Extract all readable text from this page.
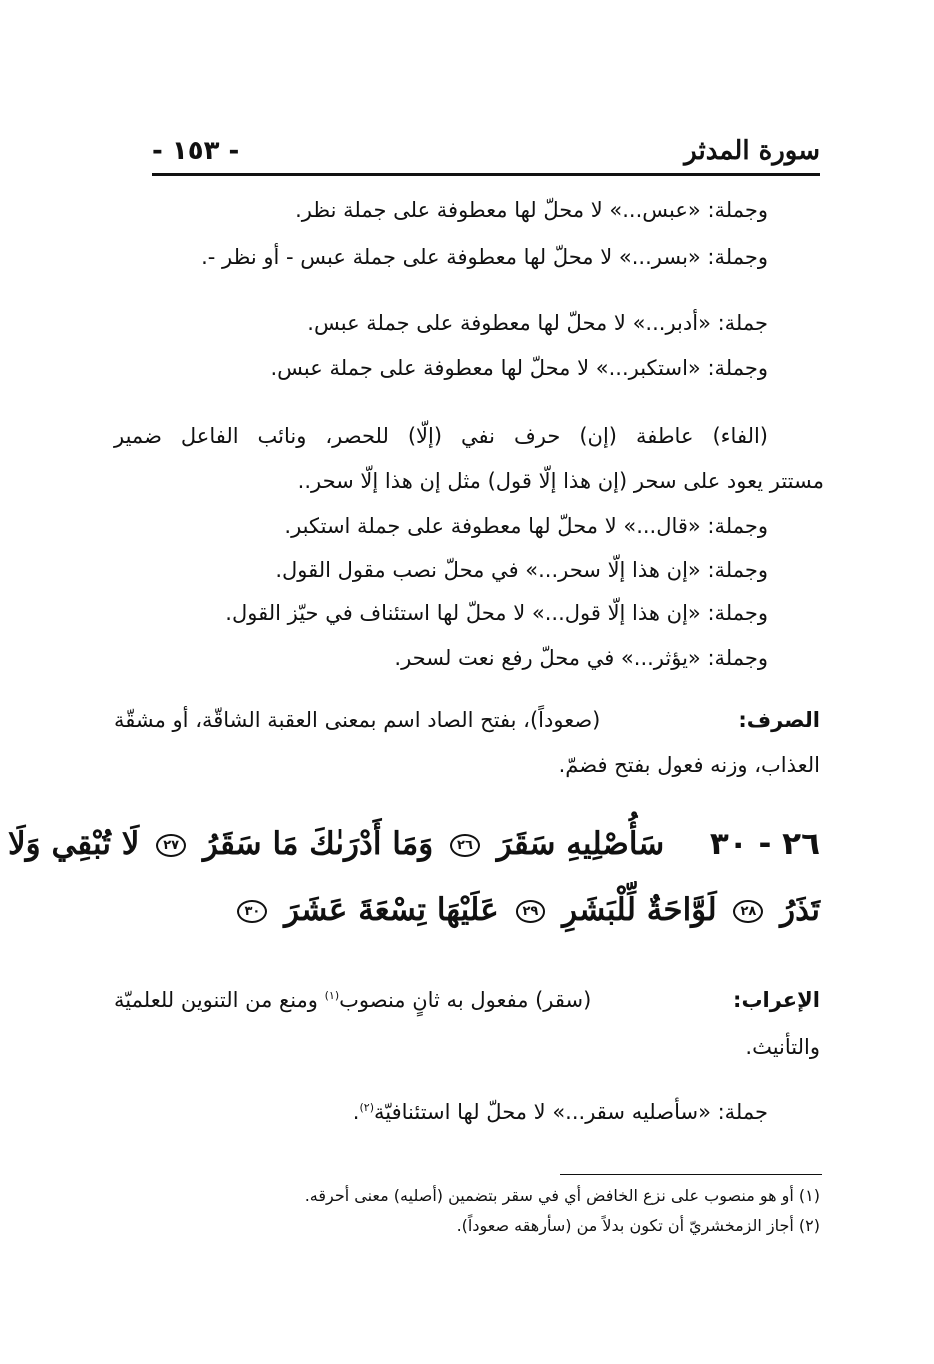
سورة المدثر
- ١٥٣ -
وجملة: «عبس...» لا محلّ لها معطوفة على جملة نظر.
وجملة: «بسر...» لا محلّ لها معطوفة على جملة عبس - أو نظر -.
جملة: «أدبر...» لا محلّ لها معطوفة على جملة عبس.
وجملة: «استكبر...» لا محلّ لها معطوفة على جملة عبس.
(الفاء) عاطفة (إن) حرف نفي (إلّا) للحصر، ونائب الفاعل ضمير
مستتر يعود على سحر (إن هذا إلّا قول) مثل إن هذا إلّا سحر..
وجملة: «قال...» لا محلّ لها معطوفة على جملة استكبر.
وجملة: «إن هذا إلّا سحر...» في محلّ نصب مقول القول.
وجملة: «إن هذا إلّا قول...» لا محلّ لها استئناف في حيّز القول.
وجملة: «يؤثر...» في محلّ رفع نعت لسحر.
الصرف:
(صعوداً)، بفتح الصاد اسم بمعنى العقبة الشاقّة، أو مشقّة
العذاب، وزنه فعول بفتح فضمّ.
٢٦ - ٣٠  سَأُصْلِيهِ سَقَرَ ٢٦ وَمَا أَدْرَىٰكَ مَا سَقَرُ ٢٧ لَا تُبْقِي وَلَا
تَذَرُ ٢٨ لَوَّاحَةٌ لِّلْبَشَرِ ٢٩ عَلَيْهَا تِسْعَةَ عَشَرَ ٣٠
الإعراب:
(سقر) مفعول به ثانٍ منصوب$^{(١)}$ ومنع من التنوين للعلميّة
والتأنيث.
جملة: «سأصليه سقر...» لا محلّ لها استئنافيّة$^{(٢)}$.
(١) أو هو منصوب على نزع الخافض أي في سقر بتضمين (أصليه) معنى أحرقه.
(٢) أجاز الزمخشريّ أن تكون بدلاً من (سأرهقه صعوداً).
